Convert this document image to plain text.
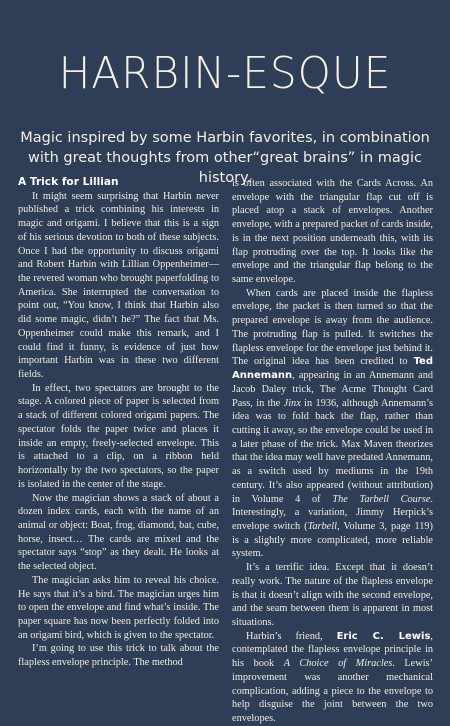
HARBIN-ESQUE
Magic inspired by some Harbin favorites, in combination
with great thoughts from other“great brains” in magic history.
A Trick for Lillian

It might seem surprising that Harbin never published a trick combining his interests in magic and origami. I believe that this is a sign of his serious devotion to both of these subjects. Once I had the opportunity to discuss origami and Robert Harbin with Lillian Oppenheimer—the revered woman who brought paperfolding to America. She interrupted the conversation to point out, “You know, I think that Harbin also did some magic, didn’t he?” The fact that Ms. Oppenheimer could make this remark, and I could find it funny, is evidence of just how important Harbin was in these two different fields.

In effect, two spectators are brought to the stage. A colored piece of paper is selected from a stack of different colored origami papers. The spectator folds the paper twice and places it inside an empty, freely-selected envelope. This is attached to a clip, on a ribbon held horizontally by the two spectators, so the paper is isolated in the center of the stage.

Now the magician shows a stack of about a dozen index cards, each with the name of an animal or object: Boat, frog, diamond, bat, cube, horse, insect… The cards are mixed and the spectator says “stop” as they dealt. He looks at the selected object.

The magician asks him to reveal his choice. He says that it’s a bird. The magician urges him to open the envelope and find what’s inside. The paper square has now been perfectly folded into an origami bird, which is given to the spectator.

I’m going to use this trick to talk about the flapless envelope principle. The method

is often associated with the Cards Across. An envelope with the triangular flap cut off is placed atop a stack of envelopes. Another envelope, with a prepared packet of cards inside, is in the next position underneath this, with its flap protruding over the top. It looks like the envelope and the triangular flap belong to the same envelope.

When cards are placed inside the flapless envelope, the packet is then turned so that the prepared envelope is away from the audience. The protruding flap is pulled. It switches the flapless envelope for the envelope just behind it. The original idea has been credited to Ted Annemann, appearing in an Annemann and Jacob Daley trick, The Acme Thought Card Pass, in the Jinx in 1936, although Annemann’s idea was to fold back the flap, rather than cutting it away, so the envelope could be used in a later phase of the trick. Max Maven theorizes that the idea may well have predated Annemann, as a switch used by mediums in the 19th century. It’s also appeared (without attribution) in Volume 4 of The Tarbell Course. Interestingly, a variation, Jimmy Herpick’s envelope switch (Tarbell, Volume 3, page 119) is a slightly more complicated, more reliable system.

It’s a terrific idea. Except that it doesn’t really work. The nature of the flapless envelope is that it doesn’t align with the second envelope, and the seam between them is apparent in most situations.

Harbin’s friend, Eric C. Lewis, contemplated the flapless envelope principle in his book A Choice of Miracles. Lewis’ improvement was another mechanical complication, adding a piece to the envelope to help disguise the joint between the two envelopes.
